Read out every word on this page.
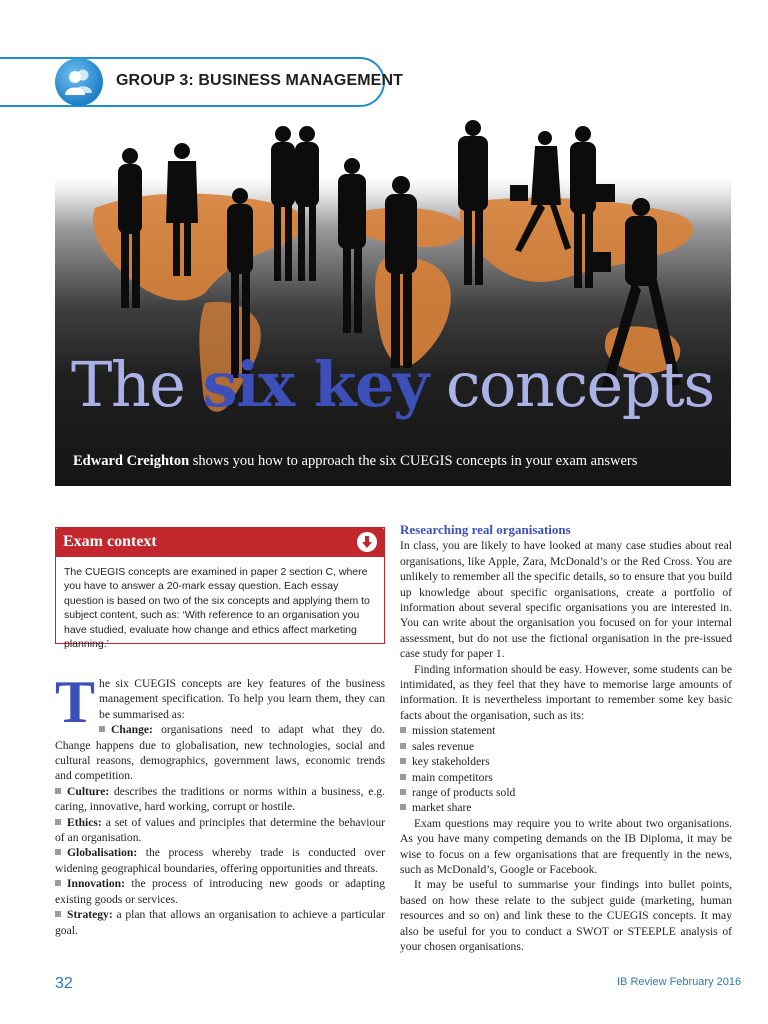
GROUP 3: BUSINESS MANAGEMENT
The six key concepts
Edward Creighton shows you how to approach the six CUEGIS concepts in your exam answers
Exam context
The CUEGIS concepts are examined in paper 2 section C, where you have to answer a 20-mark essay question. Each essay question is based on two of the six concepts and applying them to subject content, such as: ‘With reference to an organisation you have studied, evaluate how change and ethics affect marketing planning.’

The six CUEGIS concepts are key features of the business management specification. To help you learn them, they can be summarised as:

Change: organisations need to adapt what they do. Change happens due to globalisation, new technologies, social and cultural reasons, demographics, government laws, economic trends and competition.

Culture: describes the traditions or norms within a business, e.g. caring, innovative, hard working, corrupt or hostile.

Ethics: a set of values and principles that determine the behaviour of an organisation.

Globalisation: the process whereby trade is conducted over widening geographical boundaries, offering opportunities and threats.

Innovation: the process of introducing new goods or adapting existing goods or services.

Strategy: a plan that allows an organisation to achieve a particular goal.

Researching real organisations

In class, you are likely to have looked at many case studies about real organisations, like Apple, Zara, McDonald’s or the Red Cross. You are unlikely to remember all the specific details, so to ensure that you build up knowledge about specific organisations, create a portfolio of information about several specific organisations you are interested in. You can write about the organisation you focused on for your internal assessment, but do not use the fictional organisation in the pre-issued case study for paper 1.

Finding information should be easy. However, some students can be intimidated, as they feel that they have to memorise large amounts of information. It is nevertheless important to remember some key basic facts about the organisation, such as its:

mission statement
sales revenue
key stakeholders
main competitors
range of products sold
market share

Exam questions may require you to write about two organisations. As you have many competing demands on the IB Diploma, it may be wise to focus on a few organisations that are frequently in the news, such as McDonald’s, Google or Facebook.

It may be useful to summarise your findings into bullet points, based on how these relate to the subject guide (marketing, human resources and so on) and link these to the CUEGIS concepts. It may also be useful for you to conduct a SWOT or STEEPLE analysis of your chosen organisations.

32	IB Review February 2016
